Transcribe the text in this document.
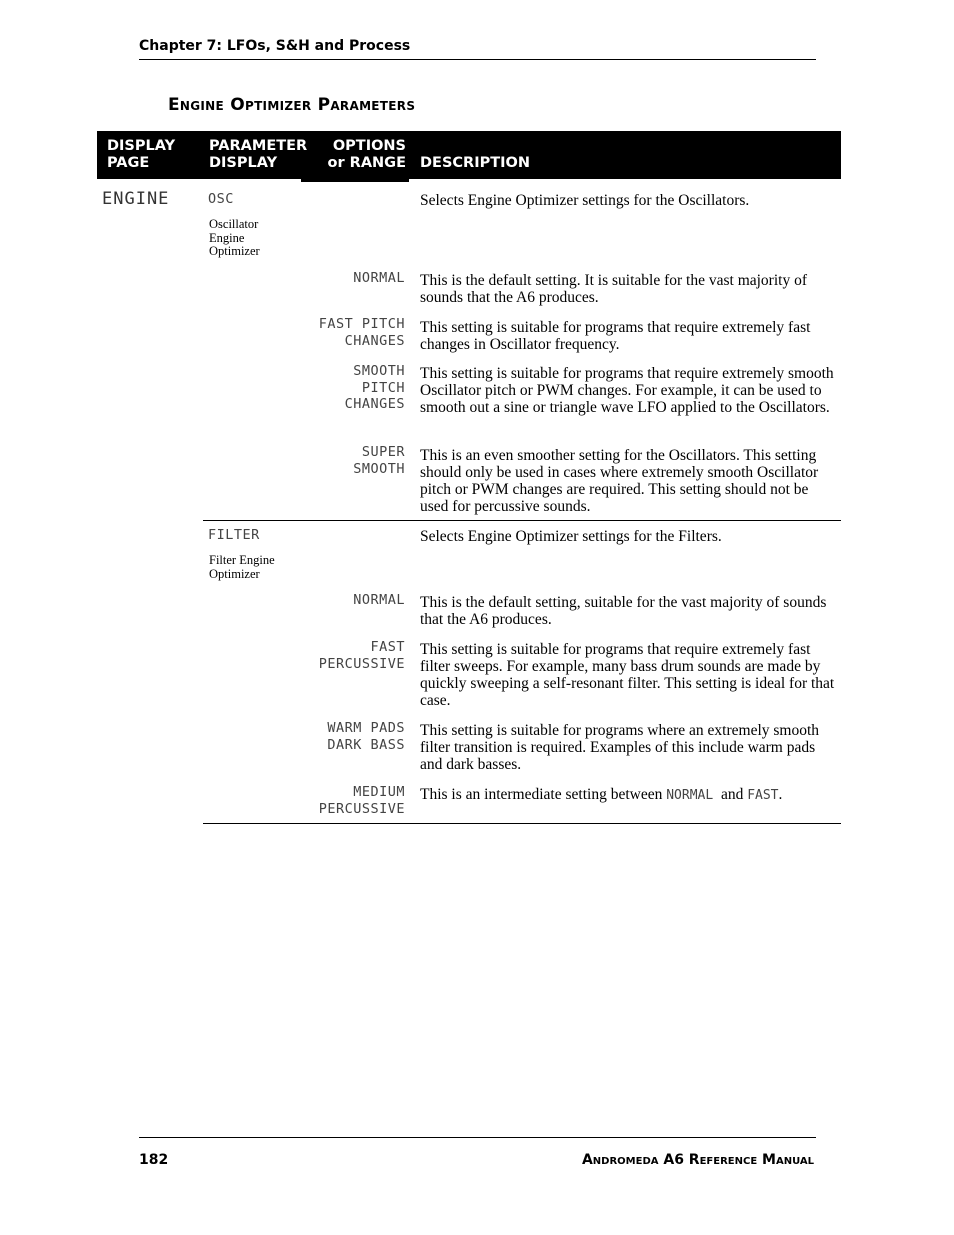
Chapter 7: LFOs, S&H and Process
Engine Optimizer Parameters
DISPLAY
PAGE
PARAMETER
DISPLAY
OPTIONS
or RANGE DESCRIPTION
ENGINE	OSC
Oscillator
Engine
Optimizer
Selects Engine Optimizer settings for the Oscillators.
NORMAL This is the default setting. It is suitable for the vast majority of sounds that the A6 produces.
FAST PITCH
CHANGES
This setting is suitable for programs that require extremely fast changes in Oscillator frequency.
SMOOTH
PITCH
CHANGES
This setting is suitable for programs that require extremely smooth Oscillator pitch or PWM changes. For example, it can be used to smooth out a sine or triangle wave LFO applied to the Oscillators.
SUPER
SMOOTH
This is an even smoother setting for the Oscillators. This setting should only be used in cases where extremely smooth Oscillator pitch or PWM changes are required. This setting should not be used for percussive sounds.
FILTER
Filter Engine
Optimizer
Selects Engine Optimizer settings for the Filters.
NORMAL This is the default setting, suitable for the vast majority of sounds that the A6 produces.
FAST
PERCUSSIVE
This setting is suitable for programs that require extremely fast filter sweeps. For example, many bass drum sounds are made by quickly sweeping a self-resonant filter. This setting is ideal for that case.
WARM PADS
DARK BASS
This setting is suitable for programs where an extremely smooth filter transition is required. Examples of this include warm pads and dark basses.
MEDIUM
PERCUSSIVE
This is an intermediate setting between NORMAL  and FAST.
182	Andromeda A6 Reference Manual
